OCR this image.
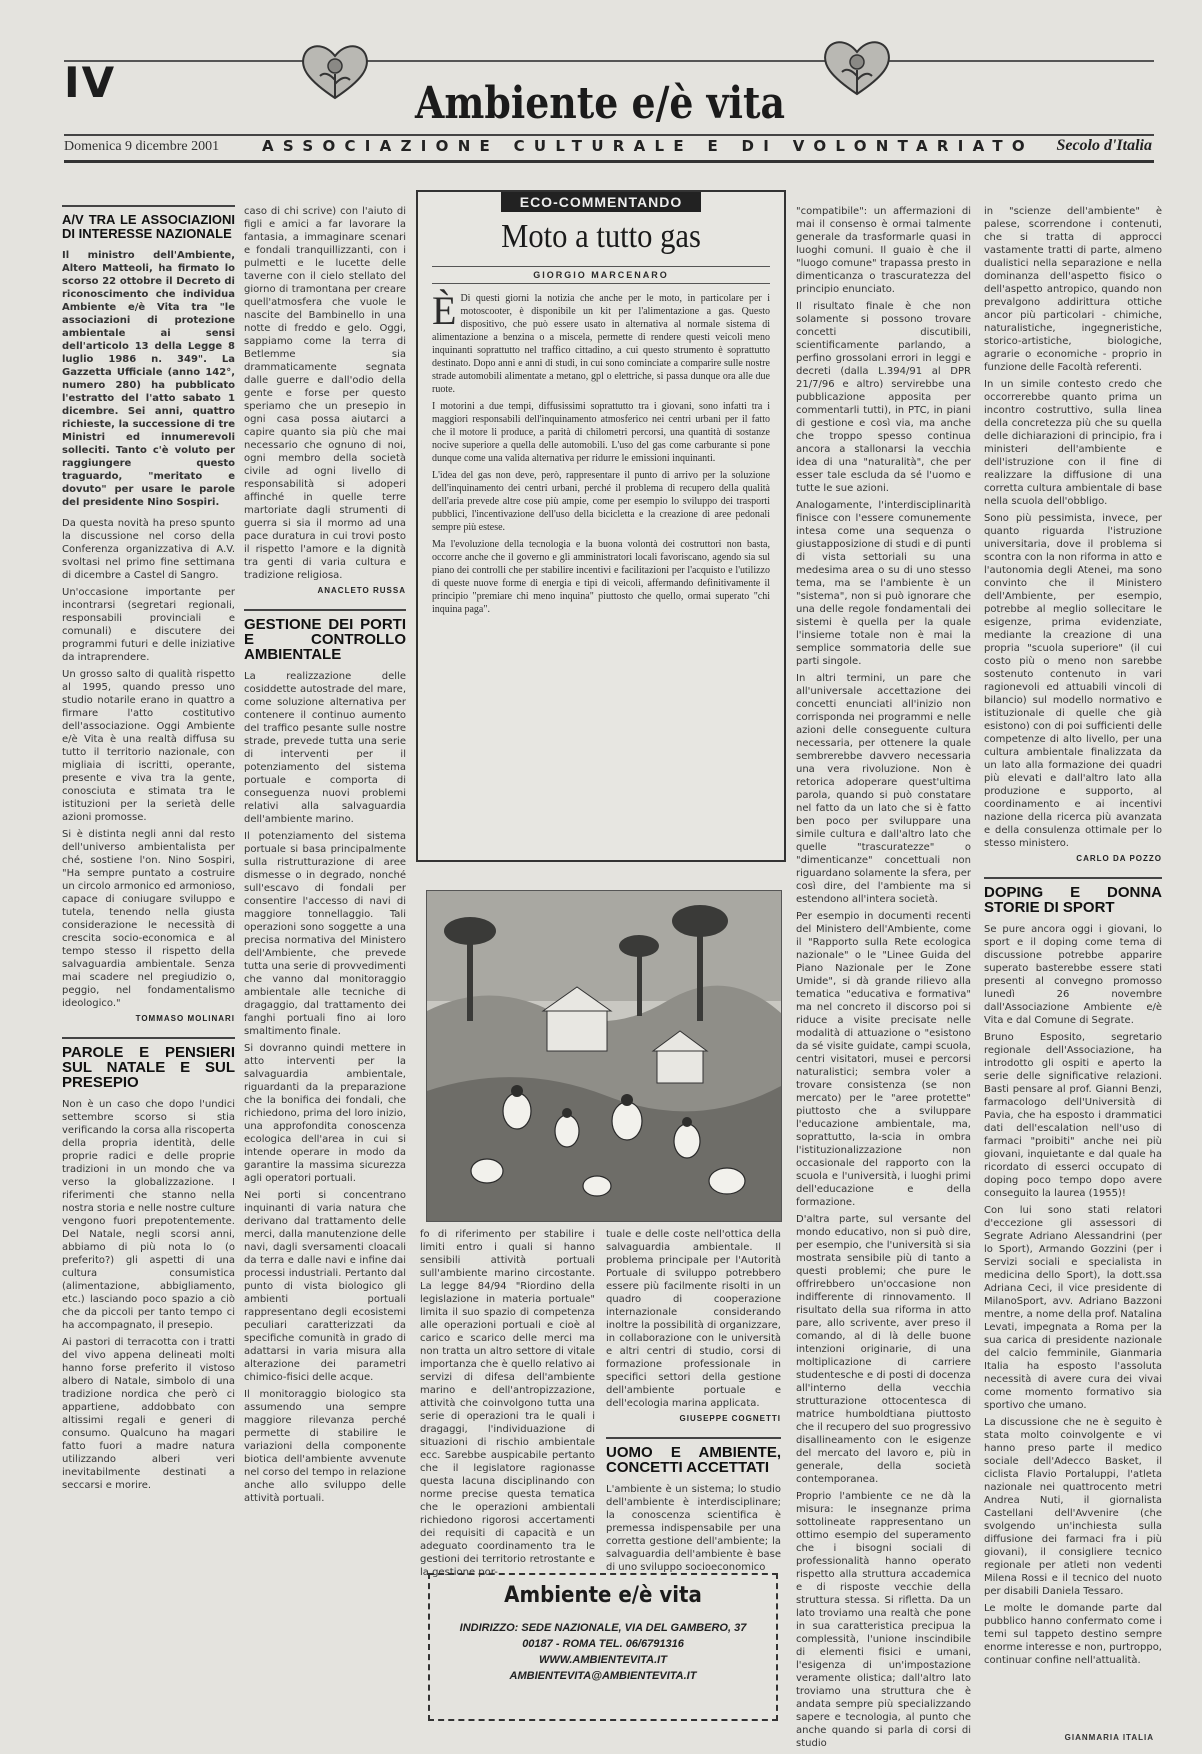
IV	Ambiente e/è vita
Domenica 9 dicembre 2001	ASSOCIAZIONE CULTURALE E DI VOLONTARIATO Secolo d'Italia
A/V TRA LE ASSOCIAZIONI DI INTERESSE NAZIONALE

Il ministro dell'Ambiente, Altero Matteoli, ha firmato lo scorso 22 ottobre il Decreto di riconoscimento che individua Ambiente e/è Vita tra "le associazioni di protezione ambientale ai sensi dell'articolo 13 della Legge 8 luglio 1986 n. 349". La Gazzetta Ufficiale (anno 142°, numero 280) ha pubblicato l'estratto del l'atto sabato 1 dicembre. Sei anni, quattro richieste, la successione di tre Ministri ed innumerevoli solleciti. Tanto c'è voluto per raggiungere questo traguardo, "meritato e dovuto" per usare le parole del presidente Nino Sospiri.

Da questa novità ha preso spunto la discussione nel corso della Conferenza organizzativa di A.V. svoltasi nel primo fine settimana di dicembre a Castel di Sangro.

Un'occasione importante per incontrarsi (segretari regionali, responsabili provinciali e comunali) e discutere dei programmi futuri e delle iniziative da intraprendere.

Un grosso salto di qualità rispetto al 1995, quando presso uno studio notarile erano in quattro a firmare l'atto costitutivo dell'associazione. Oggi Ambiente e/è Vita è una realtà diffusa su tutto il territorio nazionale, con migliaia di iscritti, operante, presente e viva tra la gente, conosciuta e stimata tra le istituzioni per la serietà delle azioni promosse.

Si è distinta negli anni dal resto dell'universo ambientalista per ché, sostiene l'on. Nino Sospiri, "Ha sempre puntato a costruire un circolo armonico ed armonioso, capace di coniugare sviluppo e tutela, tenendo nella giusta considerazione le necessità di crescita socio-economica e al tempo stesso il rispetto della salvaguardia ambientale. Senza mai scadere nel pregiudizio o, peggio, nel fondamentalismo ideologico."

TOMMASO MOLINARI
PAROLE E PENSIERI SUL NATALE E SUL PRESEPIO

Non è un caso che dopo l'undici settembre scorso si stia verificando la corsa alla riscoperta della propria identità, delle proprie radici e delle proprie tradizioni in un mondo che va verso la globalizzazione. I riferimenti che stanno nella nostra storia e nelle nostre culture vengono fuori prepotentemente. Del Natale, negli scorsi anni, abbiamo di più nota lo (o preferito?) gli aspetti di una cultura consumistica (alimentazione, abbigliamento, etc.) lasciando poco spazio a ciò che da piccoli per tanto tempo ci ha accompagnato, il presepio.

Ai pastori di terracotta con i tratti del vivo appena delineati molti hanno forse preferito il vistoso albero di Natale, simbolo di una tradizione nordica che però ci appartiene, addobbato con altissimi regali e generi di consumo. Qualcuno ha magari fatto fuori a madre natura utilizzando alberi veri inevitabilmente destinati a seccarsi e morire.

caso di chi scrive) con l'aiuto di figli e amici a far lavorare la fantasia, a immaginare scenari e fondali tranquillizzanti, con i pulmetti e le lucette delle taverne con il cielo stellato del giorno di tramontana per creare quell'atmosfera che vuole le nascite del Bambinello in una notte di freddo e gelo. Oggi, sappiamo come la terra di Betlemme sia drammaticamente segnata dalle guerre e dall'odio della gente e forse per questo speriamo che un presepio in ogni casa possa aiutarci a capire quanto sia più che mai necessario che ognuno di noi, ogni membro della società civile ad ogni livello di responsabilità si adoperi affinché in quelle terre martoriate dagli strumenti di guerra si sia il mormo ad una pace duratura in cui trovi posto il rispetto l'amore e la dignità tra genti di varia cultura e tradizione religiosa.

ANACLETO RUSSA
GESTIONE DEI PORTI E CONTROLLO AMBIENTALE

La realizzazione delle cosiddette autostrade del mare, come soluzione alternativa per contenere il continuo aumento del traffico pesante sulle nostre strade, prevede tutta una serie di interventi per il potenziamento del sistema portuale e comporta di conseguenza nuovi problemi relativi alla salvaguardia dell'ambiente marino.

Il potenziamento del sistema portuale si basa principalmente sulla ristrutturazione di aree dismesse o in degrado, nonché sull'escavo di fondali per consentire l'accesso di navi di maggiore tonnellaggio. Tali operazioni sono soggette a una precisa normativa del Ministero dell'Ambiente, che prevede tutta una serie di provvedimenti che vanno dal monitoraggio ambientale alle tecniche di dragaggio, dal trattamento dei fanghi portuali fino ai loro smaltimento finale.

Si dovranno quindi mettere in atto interventi per la salvaguardia ambientale, riguardanti da la preparazione che la bonifica dei fondali, che richiedono, prima del loro inizio, una approfondita conoscenza ecologica dell'area in cui si intende operare in modo da garantire la massima sicurezza agli operatori portuali.

Nei porti si concentrano inquinanti di varia natura che derivano dal trattamento delle merci, dalla manutenzione delle navi, dagli sversamenti cloacali da terra e dalle navi e infine dai processi industriali. Pertanto dal punto di vista biologico gli ambienti portuali rappresentano degli ecosistemi peculiari caratterizzati da specifiche comunità in grado di adattarsi in varia misura alla alterazione dei parametri chimico-fisici delle acque.

Il monitoraggio biologico sta assumendo una sempre maggiore rilevanza perché permette di stabilire le variazioni della componente biotica dell'ambiente avvenute nel corso del tempo in relazione anche allo sviluppo delle attività portuali.

ECO-COMMENTANDO
Moto a tutto gas
GIORGIO MARCENARO
È Di questi giorni la notizia che anche per le moto, in particolare per i motoscooter, è disponibile un kit per l'alimentazione a gas. Questo dispositivo, che può essere usato in alternativa al normale sistema di alimentazione a benzina o a miscela, permette di rendere questi veicoli meno inquinanti soprattutto nel traffico cittadino, a cui questo strumento è soprattutto destinato. Dopo anni e anni di studi, in cui sono cominciate a comparire sulle nostre strade automobili alimentate a metano, gpl o elettriche, si passa dunque ora alle due ruote.

I motorini a due tempi, diffusissimi soprattutto tra i giovani, sono infatti tra i maggiori responsabili dell'inquinamento atmosferico nei centri urbani per il fatto che il motore li produce, a parità di chilometri percorsi, una quantità di sostanze nocive superiore a quella delle automobili. L'uso del gas come carburante si pone dunque come una valida alternativa per ridurre le emissioni inquinanti.

L'idea del gas non deve, però, rappresentare il punto di arrivo per la soluzione dell'inquinamento dei centri urbani, perché il problema di recupero della qualità dell'aria prevede altre cose più ampie, come per esempio lo sviluppo dei trasporti pubblici, l'incentivazione dell'uso della bicicletta e la creazione di aree pedonali sempre più estese.

Ma l'evoluzione della tecnologia e la buona volontà dei costruttori non basta, occorre anche che il governo e gli amministratori locali favoriscano, agendo sia sul piano dei controlli che per stabilire incentivi e facilitazioni per l'acquisto e l'utilizzo di queste nuove forme di energia e tipi di veicoli, affermando definitivamente il principio "premiare chi meno inquina" piuttosto che quello, ormai superato "chi inquina paga".

fo di riferimento per stabilire i limiti entro i quali si hanno sensibili attività portuali sull'ambiente marino circostante. La legge 84/94 "Riordino della legislazione in materia portuale" limita il suo spazio di competenza alle operazioni portuali e cioè al carico e scarico delle merci ma non tratta un altro settore di vitale importanza che è quello relativo ai servizi di difesa dell'ambiente marino e dell'antropizzazione, attività che coinvolgono tutta una serie di operazioni tra le quali i dragaggi, l'individuazione di situazioni di rischio ambientale ecc. Sarebbe auspicabile pertanto che il legislatore ragionasse questa lacuna disciplinando con norme precise questa tematica che le operazioni ambientali richiedono rigorosi accertamenti dei requisiti di capacità e un adeguato coordinamento tra le gestioni dei territorio retrostante e la gestione por-

tuale e delle coste nell'ottica della salvaguardia ambientale. Il problema principale per l'Autorità Portuale di sviluppo potrebbero essere più facilmente risolti in un quadro di cooperazione internazionale considerando inoltre la possibilità di organizzare, in collaborazione con le università e altri centri di studio, corsi di formazione professionale in specifici settori della gestione dell'ambiente portuale e dell'ecologia marina applicata.

GIUSEPPE COGNETTI
UOMO E AMBIENTE, CONCETTI ACCETTATI

L'ambiente è un sistema; lo studio dell'ambiente è interdisciplinare; la conoscenza scientifica è premessa indispensabile per una corretta gestione dell'ambiente; la salvaguardia dell'ambiente è base di uno sviluppo socioeconomico

"compatibile": un affermazioni di mai il consenso è ormai talmente generale da trasformarle quasi in luoghi comuni. Il guaio è che il "luogo comune" trapassa presto in dimenticanza o trascuratezza del principio enunciato.

Il risultato finale è che non solamente si possono trovare concetti discutibili, scientificamente parlando, a perfino grossolani errori in leggi e decreti (dalla L.394/91 al DPR 21/7/96 e altro) servirebbe una pubblicazione apposita per commentarli tutti), in PTC, in piani di gestione e così via, ma anche che troppo spesso continua ancora a stallonarsi la vecchia idea di una "naturalità", che per esser tale escluda da sé l'uomo e tutte le sue azioni.

Analogamente, l'interdisciplinarità finisce con l'essere comunemente intesa come una sequenza o giustapposizione di studi e di punti di vista settoriali su una medesima area o su di uno stesso tema, ma se l'ambiente è un "sistema", non si può ignorare che una delle regole fondamentali dei sistemi è quella per la quale l'insieme totale non è mai la semplice sommatoria delle sue parti singole.

In altri termini, un pare che all'universale accettazione dei concetti enunciati all'inizio non corrisponda nei programmi e nelle azioni delle conseguente cultura necessaria, per ottenere la quale sembrerebbe davvero necessaria una vera rivoluzione. Non è retorica adoperare quest'ultima parola, quando si può constatare nel fatto da un lato che si è fatto ben poco per sviluppare una simile cultura e dall'altro lato che quelle "trascuratezze" o "dimenticanze" concettuali non riguardano solamente la sfera, per così dire, del l'ambiente ma si estendono all'intera società.

Per esempio in documenti recenti del Ministero dell'Ambiente, come il "Rapporto sulla Rete ecologica nazionale" o le "Linee Guida del Piano Nazionale per le Zone Umide", si dà grande rilievo alla tematica "educativa e formativa" ma nel concreto il discorso poi si riduce a visite precisate nelle modalità di attuazione o "esistono da sé visite guidate, campi scuola, centri visitatori, musei e percorsi naturalistici; sembra voler a trovare consistenza (se non mercato) per le "aree protette" piuttosto che a sviluppare l'educazione ambientale, ma, soprattutto, la-scia in ombra l'istituzionalizzazione non occasionale del rapporto con la scuola e l'università, i luoghi primi dell'educazione e della formazione.

D'altra parte, sul versante del mondo educativo, non si può dire, per esempio, che l'università si sia mostrata sensibile più di tanto a questi problemi; che pure le offrirebbero un'occasione non indifferente di rinnovamento. Il risultato della sua riforma in atto pare, allo scrivente, aver preso il comando, al di là delle buone intenzioni originarie, di una moltiplicazione di carriere studentesche e di posti di docenza all'interno della vecchia strutturazione ottocentesca di matrice humboldtiana piuttosto che il recupero del suo progressivo disallineamento con le esigenze del mercato del lavoro e, più in generale, della società contemporanea.

Proprio l'ambiente ce ne dà la misura: le insegnanze prima sottolineate rappresentano un ottimo esempio del superamento che i bisogni sociali di professionalità hanno operato rispetto alla struttura accademica e di risposte vecchie della struttura stessa. Si rifletta. Da un lato troviamo una realtà che pone in sua caratteristica precipua la complessità, l'unione inscindibile di elementi fisici e umani, l'esigenza di un'impostazione veramente olistica; dall'altro lato troviamo una struttura che è andata sempre più specializzando sapere e tecnologia, al punto che anche quando si parla di corsi di studio

in "scienze dell'ambiente" è palese, scorrendone i contenuti, che si tratta di approcci vastamente tratti di parte, almeno dualistici nella separazione e nella dominanza dell'aspetto fisico o dell'aspetto antropico, quando non prevalgono addirittura ottiche ancor più particolari - chimiche, naturalistiche, ingegneristiche, storico-artistiche, biologiche, agrarie o economiche - proprio in funzione delle Facoltà referenti.

In un simile contesto credo che occorrerebbe quanto prima un incontro costruttivo, sulla linea della concretezza più che su quella delle dichiarazioni di principio, fra i ministeri dell'ambiente e dell'istruzione con il fine di realizzare la diffusione di una corretta cultura ambientale di base nella scuola dell'obbligo.

Sono più pessimista, invece, per quanto riguarda l'istruzione universitaria, dove il problema si scontra con la non riforma in atto e l'autonomia degli Atenei, ma sono convinto che il Ministero dell'Ambiente, per esempio, potrebbe al meglio sollecitare le esigenze, prima evidenziate, mediante la creazione di una propria "scuola superiore" (il cui costo più o meno non sarebbe sostenuto contenuto in vari ragionevoli ed attuabili vincoli di bilancio) sul modello normativo e istituzionale di quelle che già esistono) con di poi sufficienti delle competenze di alto livello, per una cultura ambientale finalizzata da un lato alla formazione dei quadri più elevati e dall'altro lato alla produzione e supporto, al coordinamento e ai incentivi nazione della ricerca più avanzata e della consulenza ottimale per lo stesso ministero.

CARLO DA POZZO
DOPING E DONNA STORIE DI SPORT

Se pure ancora oggi i giovani, lo sport e il doping come tema di discussione potrebbe apparire superato basterebbe essere stati presenti al convegno promosso lunedì 26 novembre dall'Associazione Ambiente e/è Vita e dal Comune di Segrate.

Bruno Esposito, segretario regionale dell'Associazione, ha introdotto gli ospiti e aperto la serie delle significative relazioni. Basti pensare al prof. Gianni Benzi, farmacologo dell'Università di Pavia, che ha esposto i drammatici dati dell'escalation nell'uso di farmaci "proibiti" anche nei più giovani, inquietante e dal quale ha ricordato di esserci occupato di doping poco tempo dopo avere conseguito la laurea (1955)!

Con lui sono stati relatori d'eccezione gli assessori di Segrate Adriano Alessandrini (per lo Sport), Armando Gozzini (per i Servizi sociali e specialista in medicina dello Sport), la dott.ssa Adriana Ceci, il vice presidente di MilanoSport, avv. Adriano Bazzoni mentre, a nome della prof. Natalina Levati, impegnata a Roma per la sua carica di presidente nazionale del calcio femminile, Gianmaria Italia ha esposto l'assoluta necessità di avere cura dei vivai come momento formativo sia sportivo che umano.

La discussione che ne è seguito è stata molto coinvolgente e vi hanno preso parte il medico sociale dell'Adecco Basket, il ciclista Flavio Portaluppi, l'atleta nazionale nei quattrocento metri Andrea Nuti, il giornalista Castellani dell'Avvenire (che svolgendo un'inchiesta sulla diffusione dei farmaci fra i più giovani), il consigliere tecnico regionale per atleti non vedenti Milena Rossi e il tecnico del nuoto per disabili Daniela Tessaro.

Le molte le domande parte dal pubblico hanno confermato come i temi sul tappeto destino sempre enorme interesse e non, purtroppo, continuar confine nell'attualità.

Ambiente e/è vita
INDIRIZZO: SEDE NAZIONALE, VIA DEL GAMBERO, 37
00187 - ROMA TEL. 06/6791316
WWW.AMBIENTEVITA.IT
AMBIENTEVITA@AMBIENTEVITA.IT
GIANMARIA ITALIA
